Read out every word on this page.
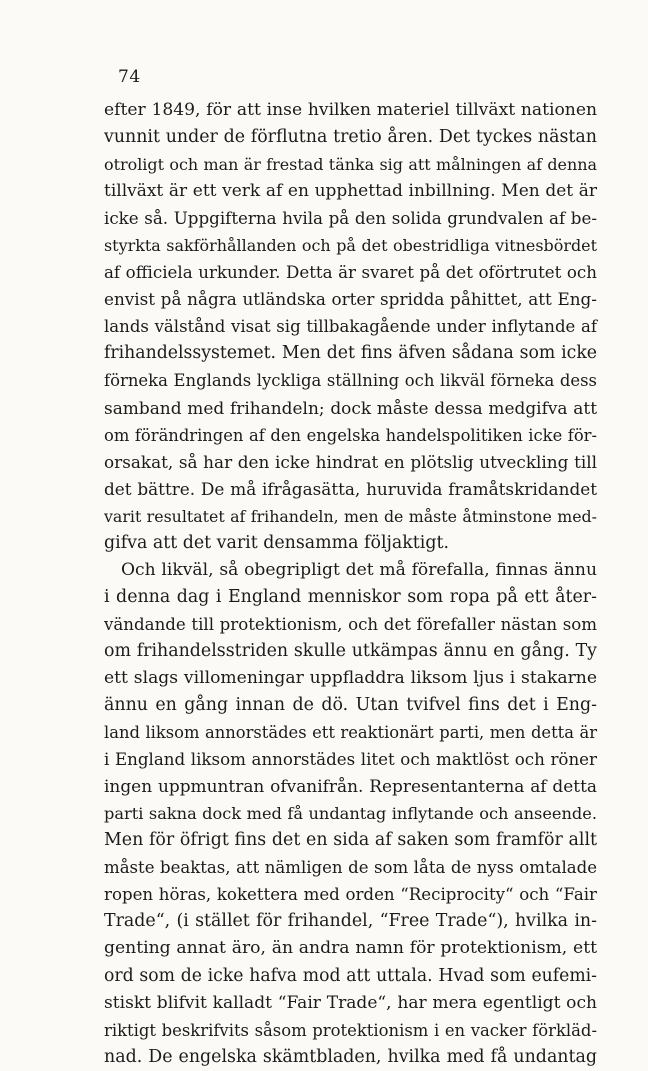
74
efter 1849, för att inse hvilken materiel tillväxt nationen
vunnit under de förflutna tretio åren. Det tyckes nästan
otroligt och man är frestad tänka sig att målningen af denna
tillväxt är ett verk af en upphettad inbillning. Men det är
icke så. Uppgifterna hvila på den solida grundvalen af be-
styrkta sakförhållanden och på det obestridliga vitnesbördet
af officiela urkunder. Detta är svaret på det oförtrutet och
envist på några utländska orter spridda påhittet, att Eng-
lands välstånd visat sig tillbakagående under inflytande af
frihandelssystemet. Men det fins äfven sådana som icke
förneka Englands lyckliga ställning och likväl förneka dess
samband med frihandeln; dock måste dessa medgifva att
om förändringen af den engelska handelspolitiken icke för-
orsakat, så har den icke hindrat en plötslig utveckling till
det bättre. De må ifrågasätta, huruvida framåtskridandet
varit resultatet af frihandeln, men de måste åtminstone med-
gifva att det varit densamma följaktigt.
Och likväl, så obegripligt det må förefalla, finnas ännu
i denna dag i England menniskor som ropa på ett åter-
vändande till protektionism, och det förefaller nästan som
om frihandelsstriden skulle utkämpas ännu en gång. Ty
ett slags villomeningar uppfladdra liksom ljus i stakarne
ännu en gång innan de dö. Utan tvifvel fins det i Eng-
land liksom annorstädes ett reaktionärt parti, men detta är
i England liksom annorstädes litet och maktlöst och röner
ingen uppmuntran ofvanifrån. Representanterna af detta
parti sakna dock med få undantag inflytande och anseende.
Men för öfrigt fins det en sida af saken som framför allt
måste beaktas, att nämligen de som låta de nyss omtalade
ropen höras, kokettera med orden “Reciprocity“ och “Fair
Trade“, (i stället för frihandel, “Free Trade“), hvilka in-
genting annat äro, än andra namn för protektionism, ett
ord som de icke hafva mod att uttala. Hvad som eufemi-
stiskt blifvit kalladt “Fair Trade“, har mera egentligt och
riktigt beskrifvits såsom protektionism i en vacker förkläd-
nad. De engelska skämtbladen, hvilka med få undantag
